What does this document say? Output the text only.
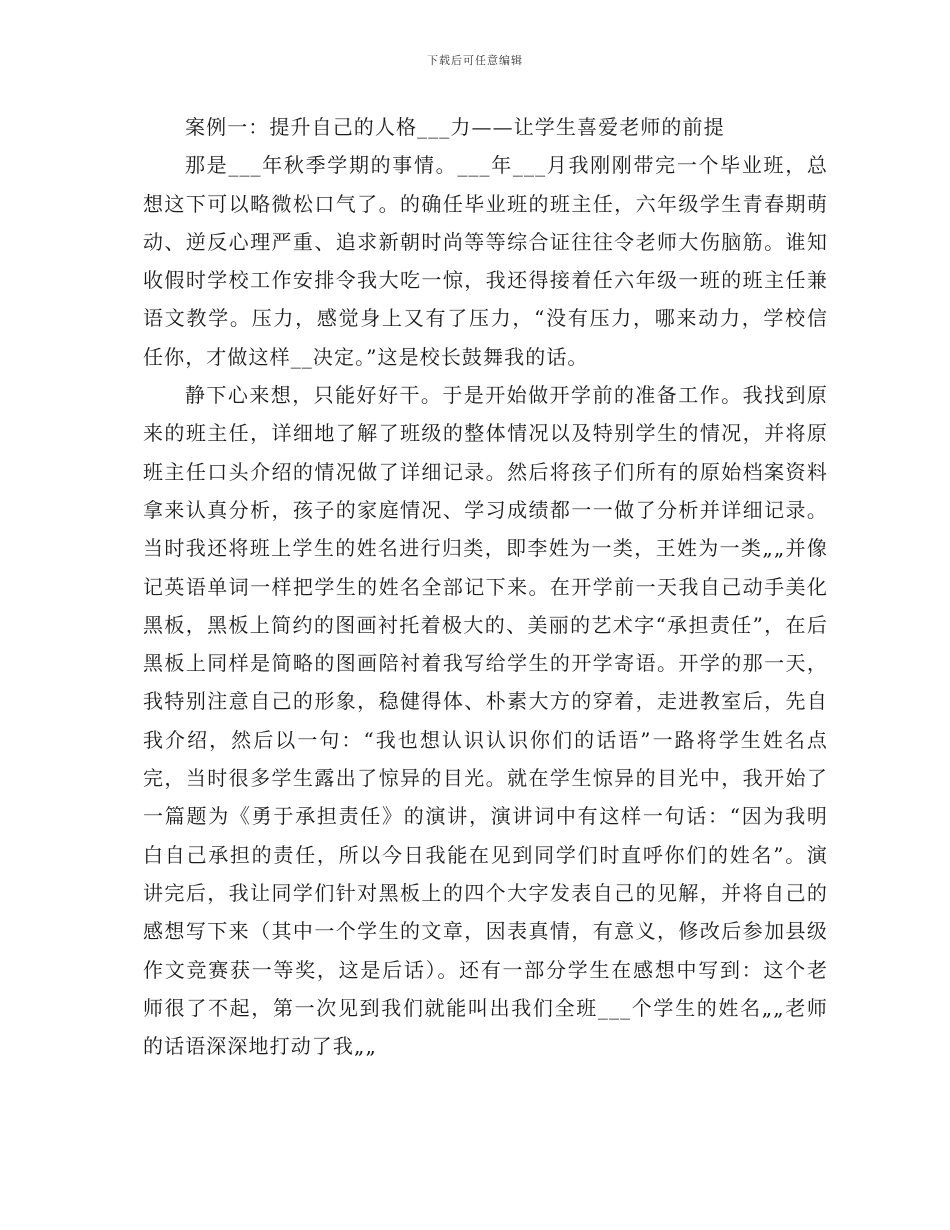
下载后可任意编辑

案例一：提升自己的人格___力——让学生喜爱老师的前提

那是___年秋季学期的事情。___年___月我刚刚带完一个毕业班，总想这下可以略微松口气了。的确任毕业班的班主任，六年级学生青春期萌动、逆反心理严重、追求新朝时尚等等综合证往往令老师大伤脑筋。谁知收假时学校工作安排令我大吃一惊，我还得接着任六年级一班的班主任兼语文教学。压力，感觉身上又有了压力，“没有压力，哪来动力，学校信任你，才做这样__决定。”这是校长鼓舞我的话。

静下心来想，只能好好干。于是开始做开学前的准备工作。我找到原来的班主任，详细地了解了班级的整体情况以及特别学生的情况，并将原班主任口头介绍的情况做了详细记录。然后将孩子们所有的原始档案资料拿来认真分析，孩子的家庭情况、学习成绩都一一做了分析并详细记录。当时我还将班上学生的姓名进行归类，即李姓为一类，王姓为一类„„并像记英语单词一样把学生的姓名全部记下来。在开学前一天我自己动手美化黑板，黑板上简约的图画衬托着极大的、美丽的艺术字“承担责任”，在后黑板上同样是简略的图画陪衬着我写给学生的开学寄语。开学的那一天，我特别注意自己的形象，稳健得体、朴素大方的穿着，走进教室后，先自我介绍，然后以一句：“我也想认识认识你们的话语”一路将学生姓名点完，当时很多学生露出了惊异的目光。就在学生惊异的目光中，我开始了一篇题为《勇于承担责任》的演讲，演讲词中有这样一句话：“因为我明白自己承担的责任，所以今日我能在见到同学们时直呼你们的姓名”。演讲完后，我让同学们针对黑板上的四个大字发表自己的见解，并将自己的感想写下来（其中一个学生的文章，因表真情，有意义，修改后参加县级作文竞赛获一等奖，这是后话）。还有一部分学生在感想中写到：这个老师很了不起，第一次见到我们就能叫出我们全班___个学生的姓名„„老师的话语深深地打动了我„„
